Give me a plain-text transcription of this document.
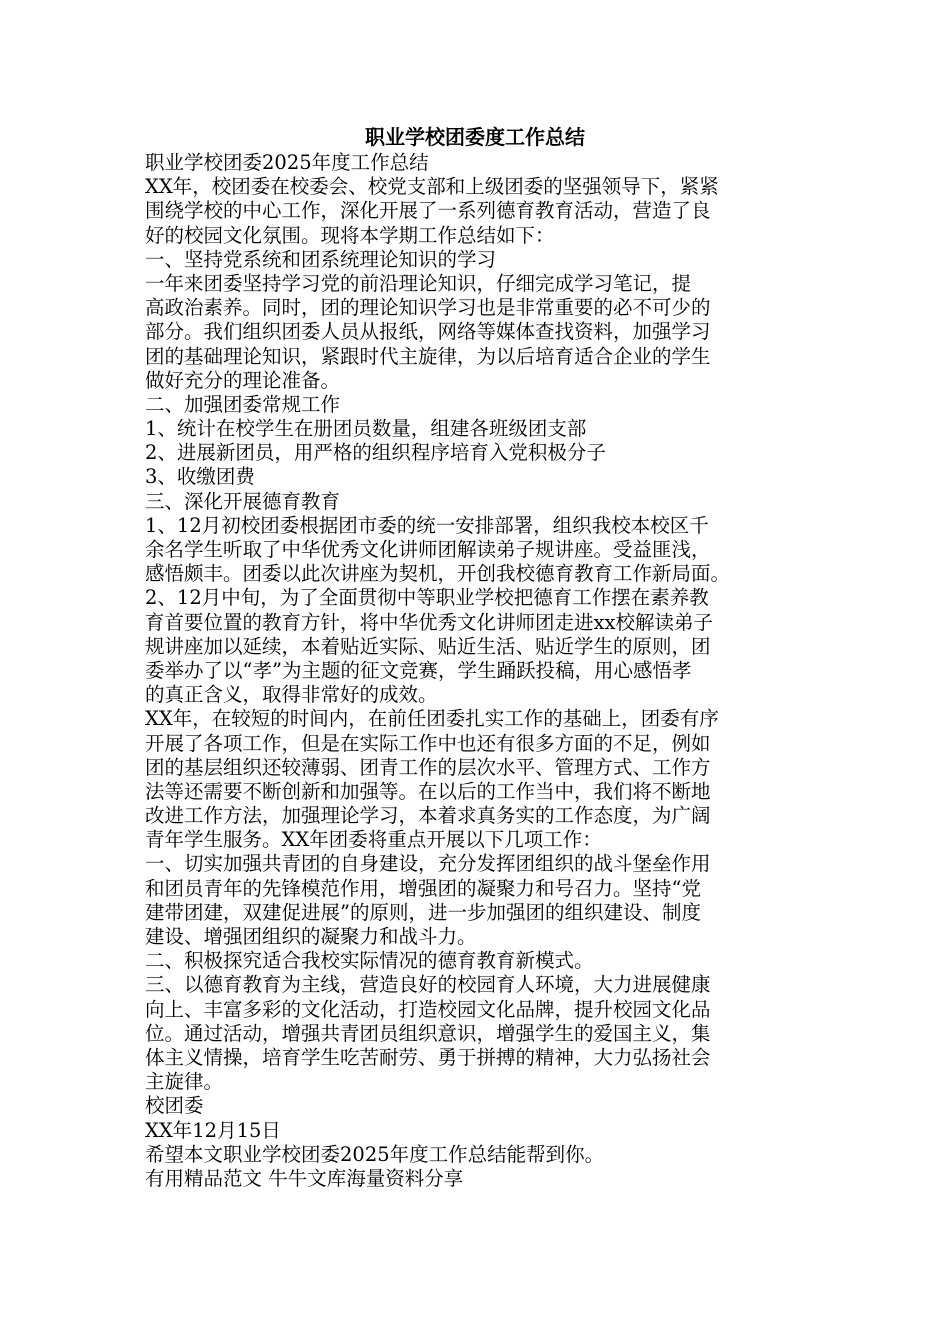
职业学校团委度工作总结
职业学校团委2025年度工作总结
XX年，校团委在校委会、校党支部和上级团委的坚强领导下，紧紧
围绕学校的中心工作，深化开展了一系列德育教育活动，营造了良
好的校园文化氛围。现将本学期工作总结如下：
一、坚持党系统和团系统理论知识的学习
一年来团委坚持学习党的前沿理论知识，仔细完成学习笔记，提
高政治素养。同时，团的理论知识学习也是非常重要的必不可少的
部分。我们组织团委人员从报纸，网络等媒体查找资料，加强学习
团的基础理论知识，紧跟时代主旋律，为以后培育适合企业的学生
做好充分的理论准备。
二、加强团委常规工作
1、统计在校学生在册团员数量，组建各班级团支部
2、进展新团员，用严格的组织程序培育入党积极分子
3、收缴团费
三、深化开展德育教育
1、12月初校团委根据团市委的统一安排部署，组织我校本校区千
余名学生听取了中华优秀文化讲师团解读弟子规讲座。受益匪浅，
感悟颇丰。团委以此次讲座为契机，开创我校德育教育工作新局面。
2、12月中旬，为了全面贯彻中等职业学校把德育工作摆在素养教
育首要位置的教育方针，将中华优秀文化讲师团走进xx校解读弟子
规讲座加以延续，本着贴近实际、贴近生活、贴近学生的原则，团
委举办了以“孝”为主题的征文竞赛，学生踊跃投稿，用心感悟孝
的真正含义，取得非常好的成效。
XX年，在较短的时间内，在前任团委扎实工作的基础上，团委有序
开展了各项工作，但是在实际工作中也还有很多方面的不足，例如
团的基层组织还较薄弱、团青工作的层次水平、管理方式、工作方
法等还需要不断创新和加强等。在以后的工作当中，我们将不断地
改进工作方法，加强理论学习，本着求真务实的工作态度，为广阔
青年学生服务。XX年团委将重点开展以下几项工作：
一、切实加强共青团的自身建设，充分发挥团组织的战斗堡垒作用
和团员青年的先锋模范作用，增强团的凝聚力和号召力。坚持“党
建带团建，双建促进展”的原则，进一步加强团的组织建设、制度
建设、增强团组织的凝聚力和战斗力。
二、积极探究适合我校实际情况的德育教育新模式。
三、以德育教育为主线，营造良好的校园育人环境，大力进展健康
向上、丰富多彩的文化活动，打造校园文化品牌，提升校园文化品
位。通过活动，增强共青团员组织意识，增强学生的爱国主义，集
体主义情操，培育学生吃苦耐劳、勇于拼搏的精神，大力弘扬社会
主旋律。
校团委
XX年12月15日
希望本文职业学校团委2025年度工作总结能帮到你。
有用精品范文 牛牛文库海量资料分享
